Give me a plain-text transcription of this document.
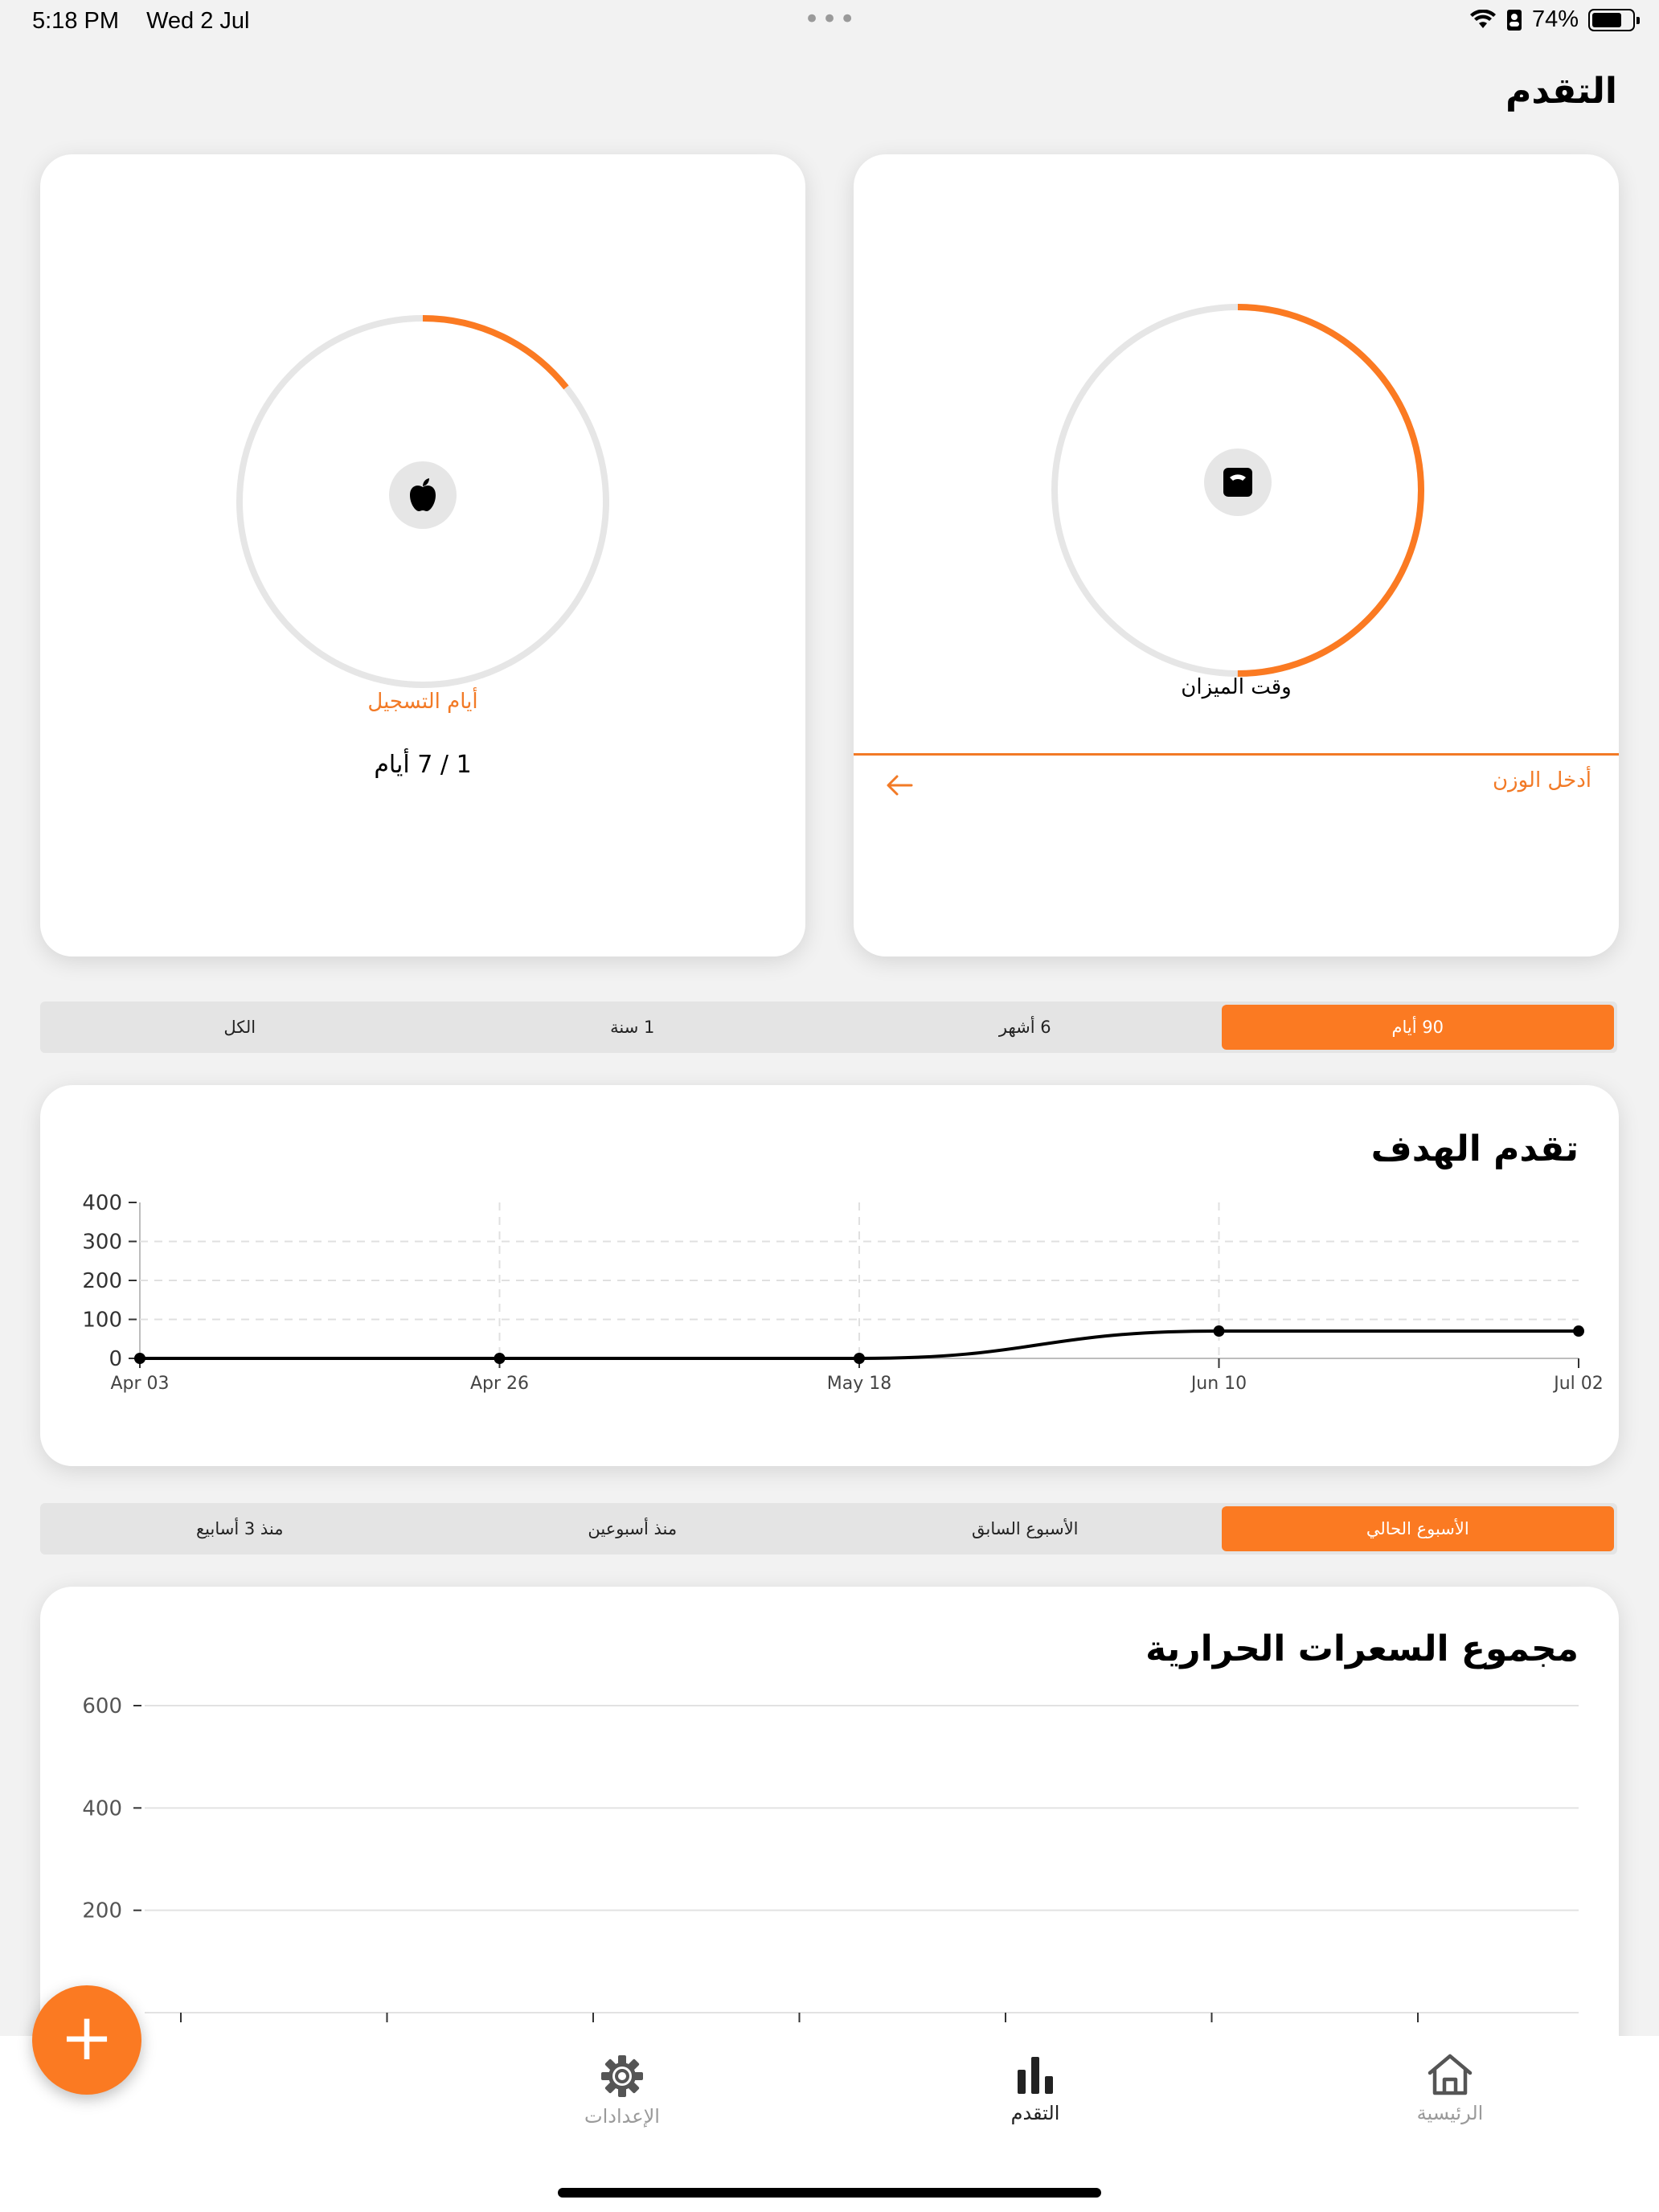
5:18 PM Wed 2 Jul	•••	74%
التقدم
أيام التسجيل
1 / 7 أيام
وقت الميزان
أدخل الوزن
90 أيام
6 أشهر
1 سنة
الكل
تقدم الهدف
400
300
200
100
0
Apr 03	Apr 26	May 18	Jun 10	Jul 02
الأسبوع الحالي
الأسبوع السابق
منذ أسبوعين
منذ 3 أسابيع
مجموع السعرات الحرارية
600
400
200
الرئيسية
التقدم
الإعدادات
+
